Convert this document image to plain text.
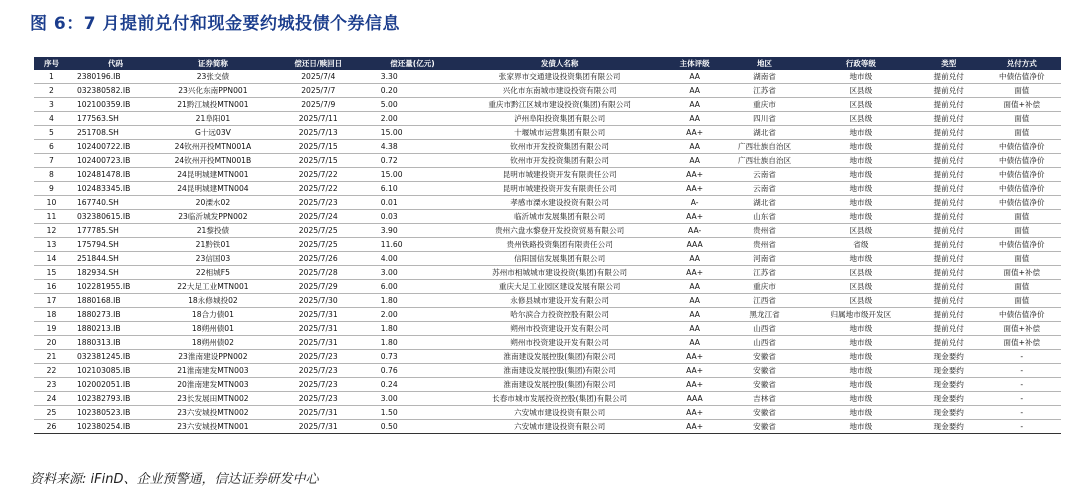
图 6：7 月提前兑付和现金要约城投债个券信息
序号	代码	证券简称	偿还日/赎回日	偿还量(亿元)	发债人名称	主体评级	地区	行政等级	类型	兑付方式
1	2380196.IB	23张交债	2025/7/4	3.30	张家界市交通建设投资集团有限公司	AA	湖南省	地市级	提前兑付	中债估值净价
2	032380582.IB	23兴化东南PPN001	2025/7/7	0.20	兴化市东南城市建设投资有限公司	AA	江苏省	区县级	提前兑付	面值
3	102100359.IB	21黔江城投MTN001	2025/7/9	5.00	重庆市黔江区城市建设投资(集团)有限公司	AA	重庆市	区县级	提前兑付	面值+补偿
4	177563.SH	21阜阳01	2025/7/11	2.00	泸州阜阳投资集团有限公司	AA	四川省	区县级	提前兑付	面值
5	251708.SH	G十远03V	2025/7/13	15.00	十堰城市运营集团有限公司	AA+	湖北省	地市级	提前兑付	面值
6	102400722.IB	24钦州开投MTN001A	2025/7/15	4.38	钦州市开发投资集团有限公司	AA	广西壮族自治区	地市级	提前兑付	中债估值净价
7	102400723.IB	24钦州开投MTN001B	2025/7/15	0.72	钦州市开发投资集团有限公司	AA	广西壮族自治区	地市级	提前兑付	中债估值净价
8	102481478.IB	24昆明城建MTN001	2025/7/22	15.00	昆明市城建投资开发有限责任公司	AA+	云南省	地市级	提前兑付	中债估值净价
9	102483345.IB	24昆明城建MTN004	2025/7/22	6.10	昆明市城建投资开发有限责任公司	AA+	云南省	地市级	提前兑付	中债估值净价
10	167740.SH	20溧水02	2025/7/23	0.01	孝感市溧水建设投资有限公司	A-	湖北省	地市级	提前兑付	中债估值净价
11	032380615.IB	23临沂城发PPN002	2025/7/24	0.03	临沂城市发展集团有限公司	AA+	山东省	地市级	提前兑付	面值
12	177785.SH	21黎投债	2025/7/25	3.90	贵州六盘水黎登开发投资贸易有限公司	AA-	贵州省	区县级	提前兑付	面值
13	175794.SH	21黔铁01	2025/7/25	11.60	贵州铁路投资集团有限责任公司	AAA	贵州省	省级	提前兑付	中债估值净价
14	251844.SH	23信国03	2025/7/26	4.00	信阳国信发展集团有限公司	AA	河南省	地市级	提前兑付	面值
15	182934.SH	22相城F5	2025/7/28	3.00	苏州市相城城市建设投资(集团)有限公司	AA+	江苏省	区县级	提前兑付	面值+补偿
16	102281955.IB	22大足工业MTN001	2025/7/29	6.00	重庆大足工业园区建设发展有限公司	AA	重庆市	区县级	提前兑付	面值
17	1880168.IB	18永修城投02	2025/7/30	1.80	永修县城市建设开发有限公司	AA	江西省	区县级	提前兑付	面值
18	1880273.IB	18合力债01	2025/7/31	2.00	哈尔滨合力投资控股有限公司	AA	黑龙江省	归属地市级开发区	提前兑付	中债估值净价
19	1880213.IB	18朔州债01	2025/7/31	1.80	朔州市投资建设开发有限公司	AA	山西省	地市级	提前兑付	面值+补偿
20	1880313.IB	18朔州债02	2025/7/31	1.80	朔州市投资建设开发有限公司	AA	山西省	地市级	提前兑付	面值+补偿
21	032381245.IB	23淮南建设PPN002	2025/7/23	0.73	淮南建设发展控股(集团)有限公司	AA+	安徽省	地市级	现金要约	-
22	102103085.IB	21淮南建发MTN003	2025/7/23	0.76	淮南建设发展控股(集团)有限公司	AA+	安徽省	地市级	现金要约	-
23	102002051.IB	20淮南建发MTN003	2025/7/23	0.24	淮南建设发展控股(集团)有限公司	AA+	安徽省	地市级	现金要约	-
24	102382793.IB	23长发展田MTN002	2025/7/23	3.00	长春市城市发展投资控股(集团)有限公司	AAA	吉林省	地市级	现金要约	-
25	102380523.IB	23六安城投MTN002	2025/7/31	1.50	六安城市建设投资有限公司	AA+	安徽省	地市级	现金要约	-
26	102380254.IB	23六安城投MTN001	2025/7/31	0.50	六安城市建设投资有限公司	AA+	安徽省	地市级	现金要约	-
资料来源: iFinD、企业预警通，信达证券研发中心
